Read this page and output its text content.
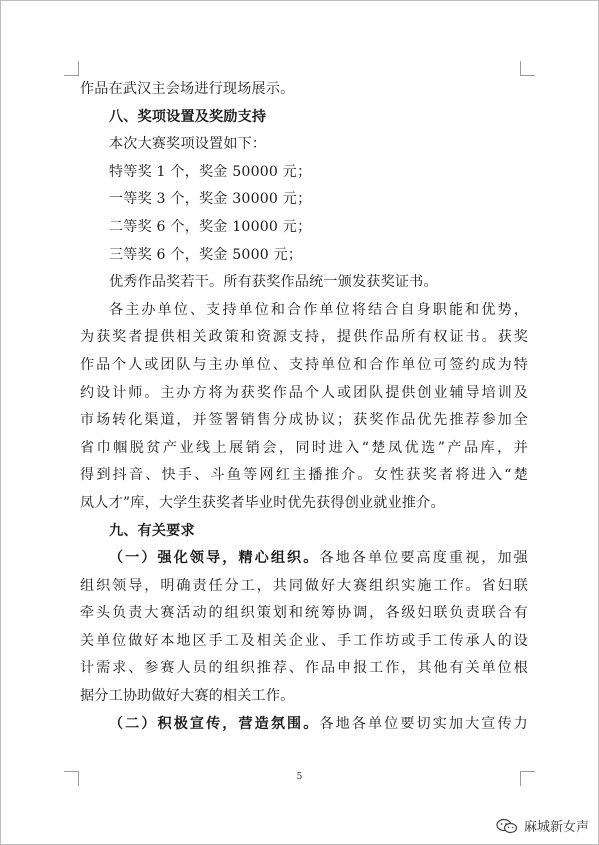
作品在武汉主会场进行现场展示。
八、奖项设置及奖励支持
本次大赛奖项设置如下：
特等奖 1 个，奖金 50000 元；
一等奖 3 个，奖金 30000 元；
二等奖 6 个，奖金 10000 元；
三等奖 6 个，奖金 5000 元；
优秀作品奖若干。所有获奖作品统一颁发获奖证书。
各主办单位、支持单位和合作单位将结合自身职能和优势，
为获奖者提供相关政策和资源支持，提供作品所有权证书。获奖
作品个人或团队与主办单位、支持单位和合作单位可签约成为特
约设计师。主办方将为获奖作品个人或团队提供创业辅导培训及
市场转化渠道，并签署销售分成协议；获奖作品优先推荐参加全
省巾帼脱贫产业线上展销会，同时进入“楚凤优选”产品库，并
得到抖音、快手、斗鱼等网红主播推介。女性获奖者将进入“楚
凤人才”库，大学生获奖者毕业时优先获得创业就业推介。
九、有关要求
（一）强化领导，精心组织。各地各单位要高度重视，加强
组织领导，明确责任分工，共同做好大赛组织实施工作。省妇联
牵头负责大赛活动的组织策划和统筹协调，各级妇联负责联合有
关单位做好本地区手工及相关企业、手工作坊或手工传承人的设
计需求、参赛人员的组织推荐、作品申报工作，其他有关单位根
据分工协助做好大赛的相关工作。
（二）积极宣传，营造氛围。各地各单位要切实加大宣传力
5
麻城新女声
